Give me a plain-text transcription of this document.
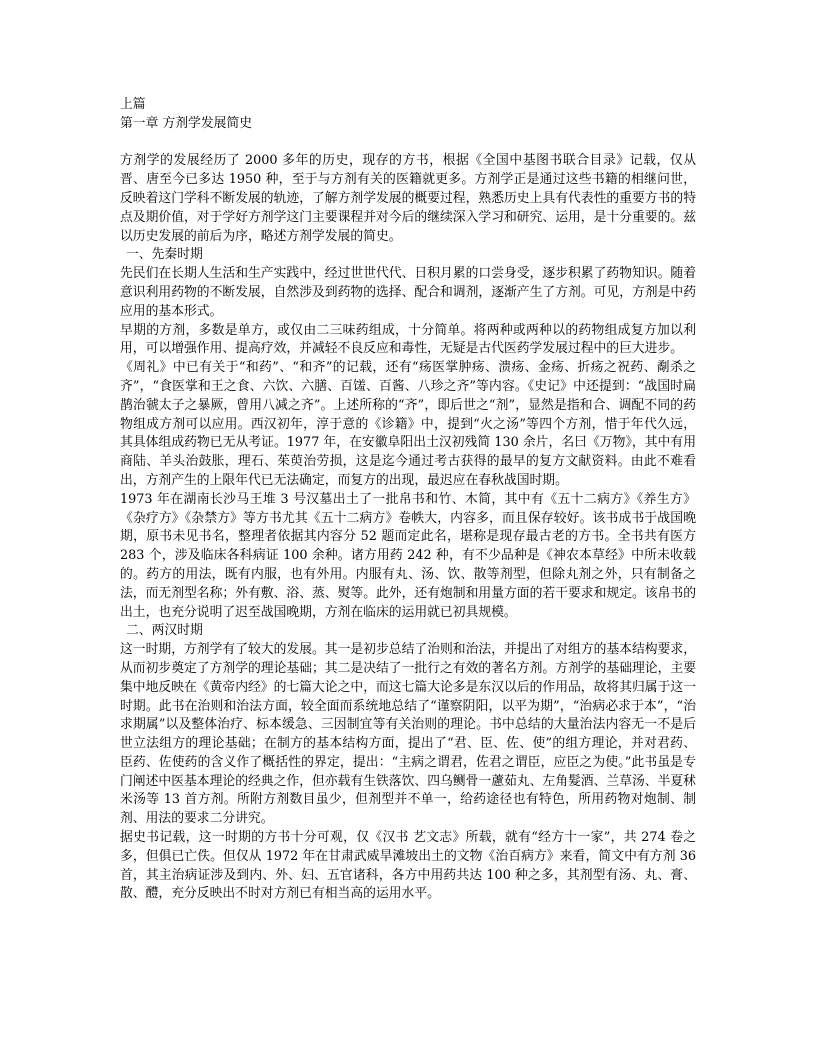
上篇

第一章 方剂学发展简史

方剂学的发展经历了 2000 多年的历史，现存的方书，根据《全国中基图书联合目录》记载，仅从晋、唐至今已多达 1950 种，至于与方剂有关的医籍就更多。方剂学正是通过这些书籍的相继问世，反映着这门学科不断发展的轨迹，了解方剂学发展的概要过程，熟悉历史上具有代表性的重要方书的特点及期价值，对于学好方剂学这门主要课程并对今后的继续深入学习和研究、运用，是十分重要的。兹以历史发展的前后为序，略述方剂学发展的简史。

一、先秦时期

先民们在长期人生活和生产实践中，经过世世代代、日积月累的口尝身受，逐步积累了药物知识。随着意识利用药物的不断发展，自然涉及到药物的选择、配合和调剂，逐渐产生了方剂。可见，方剂是中药应用的基本形式。

早期的方剂，多数是单方，或仅由二三味药组成，十分简单。将两种或两种以的药物组成复方加以利用，可以增强作用、提高疗效，并减轻不良反应和毒性，无疑是古代医药学发展过程中的巨大进步。

《周礼》中已有关于“和药”、“和齐”的记载，还有“疡医掌肿疡、溃疡、金疡、折疡之祝药、劀杀之齐”，“食医掌和王之食、六饮、六膳、百馐、百酱、八珍之齐”等内容。《史记》中还提到：“战国时扁鹊治虢太子之暴厥，曾用八减之齐”。上述所称的“齐”，即后世之“剂”，显然是指和合、调配不同的药物组成方剂可以应用。西汉初年，淳于意的《诊籍》中，提到“火之汤”等四个方剂，惜于年代久远，其具体组成药物已无从考证。1977 年，在安徽阜阳出土汉初残简 130 余片，名曰《万物》，其中有用商陆、羊头治鼓胀，理石、茱萸治劳损，这是迄今通过考古获得的最早的复方文献资料。由此不难看出，方剂产生的上限年代已无法确定，而复方的出现，最迟应在春秋战国时期。

1973 年在湖南长沙马王堆 3 号汉墓出土了一批帛书和竹、木简，其中有《五十二病方》《养生方》《杂疗方》《杂禁方》等方书尤其《五十二病方》卷帙大，内容多，而且保存较好。该书成书于战国晚期，原书未见书名，整理者依据其内容分 52 题而定此名，堪称是现存最古老的方书。全书共有医方 283 个，涉及临床各科病证 100 余种。诸方用药 242 种，有不少品种是《神农本草经》中所未收载的。药方的用法，既有内服，也有外用。内服有丸、汤、饮、散等剂型，但除丸剂之外，只有制备之法，而无剂型名称；外有敷、浴、蒸、熨等。此外，还有炮制和用量方面的若干要求和规定。该帛书的出土，也充分说明了迟至战国晚期，方剂在临床的运用就已初具规模。

二、两汉时期

这一时期，方剂学有了较大的发展。其一是初步总结了治则和治法，并提出了对组方的基本结构要求，从而初步奠定了方剂学的理论基础；其二是决结了一批行之有效的著名方剂。方剂学的基础理论，主要集中地反映在《黄帝内经》的七篇大论之中，而这七篇大论多是东汉以后的作用品，故将其归属于这一时期。此书在治则和治法方面，较全面而系统地总结了“谨察阴阳，以平为期”，“治病必求于本”，“治求期属”以及整体治疗、标本缓急、三因制宜等有关治则的理论。书中总结的大量治法内容无一不是后世立法组方的理论基础；在制方的基本结构方面，提出了“君、臣、佐、使”的组方理论，并对君药、臣药、佐使药的含义作了概括性的界定，提出：“主病之谓君，佐君之谓臣，应臣之为使。”此书虽是专门阐述中医基本理论的经典之作，但亦载有生铁落饮、四乌鲗骨一藘茹丸、左角髮酒、兰草汤、半夏秫米汤等 13 首方剂。所附方剂数目虽少，但剂型并不单一，给药途径也有特色，所用药物对炮制、制剂、用法的要求二分讲究。

据史书记载，这一时期的方书十分可观，仅《汉书 艺文志》所载，就有“经方十一家”，共 274 卷之多，但俱已亡佚。但仅从 1972 年在甘肃武威旱滩坡出土的文物《治百病方》来看，简文中有方剂 36 首，其主治病证涉及到内、外、妇、五官诸科，各方中用药共达 100 种之多，其剂型有汤、丸、膏、散、醴，充分反映出不时对方剂已有相当高的运用水平。
